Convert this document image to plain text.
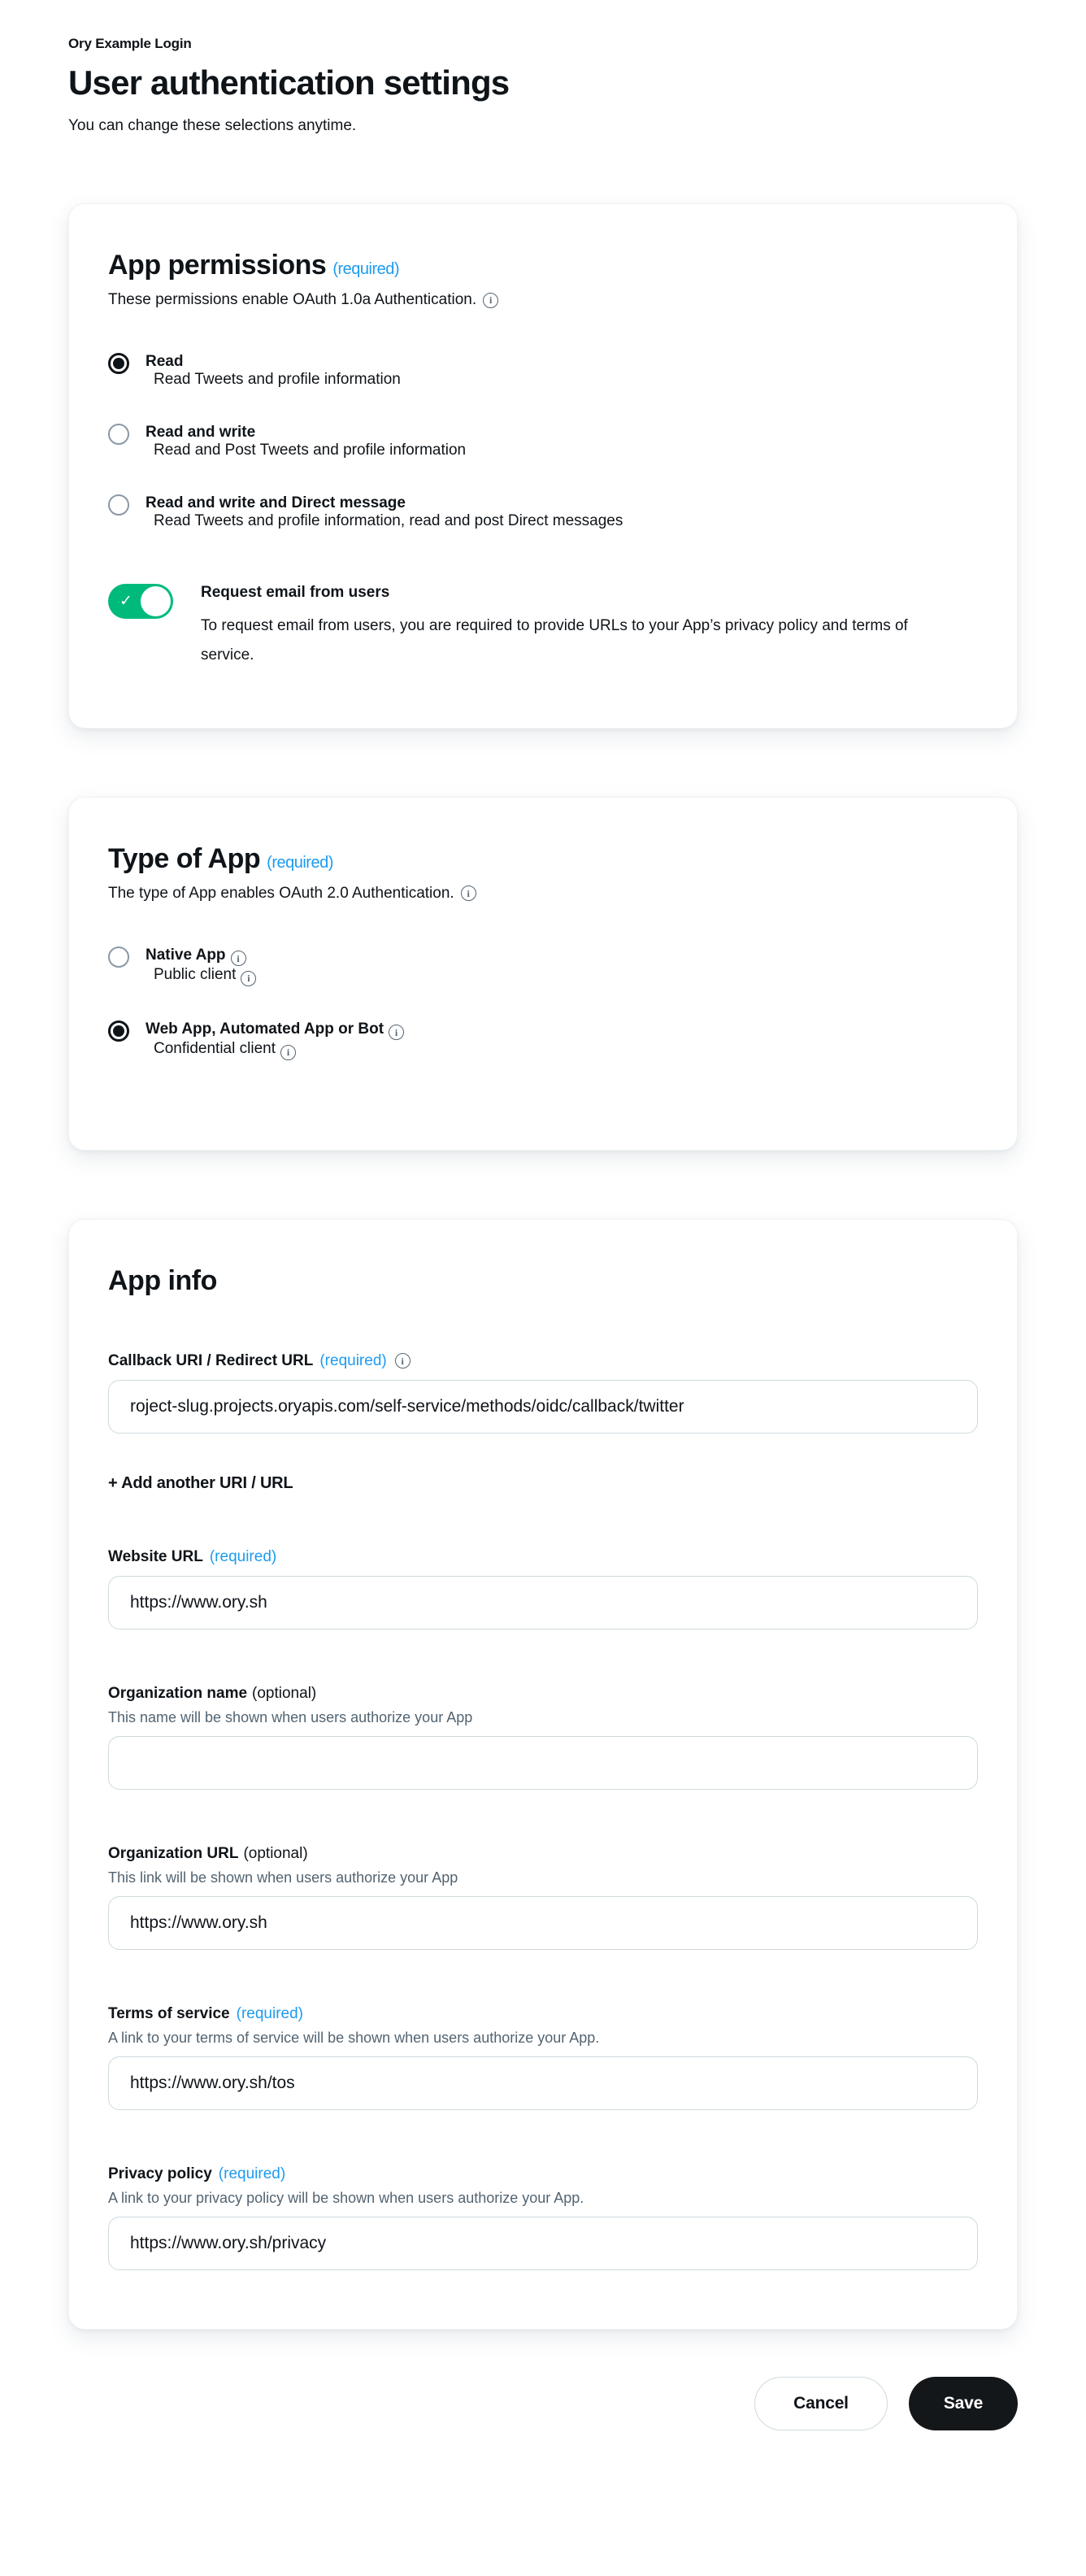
Ory Example Login
User authentication settings
You can change these selections anytime.
App permissions (required)
These permissions enable OAuth 1.0a Authentication.
i
Read
Read Tweets and profile information
Read and write
Read and Post Tweets and profile information
Read and write and Direct message
Read Tweets and profile information, read and post Direct messages
✓
Request email from users
To request email from users, you are required to provide URLs to your App’s privacy policy and terms of service.
Type of App (required)
The type of App enables OAuth 2.0 Authentication.
i
Native Appi
Public clienti
Web App, Automated App or Boti
Confidential clienti
App info
Callback URI / Redirect URL (required)
i
roject-slug.projects.oryapis.com/self-service/methods/oidc/callback/twitter
+ Add another URI / URL
Website URL (required)
https://www.ory.sh
Organization name (optional)
This name will be shown when users authorize your App
Organization URL (optional)
This link will be shown when users authorize your App
https://www.ory.sh
Terms of service (required)
A link to your terms of service will be shown when users authorize your App.
https://www.ory.sh/tos
Privacy policy (required)
A link to your privacy policy will be shown when users authorize your App.
https://www.ory.sh/privacy
Cancel	Save
